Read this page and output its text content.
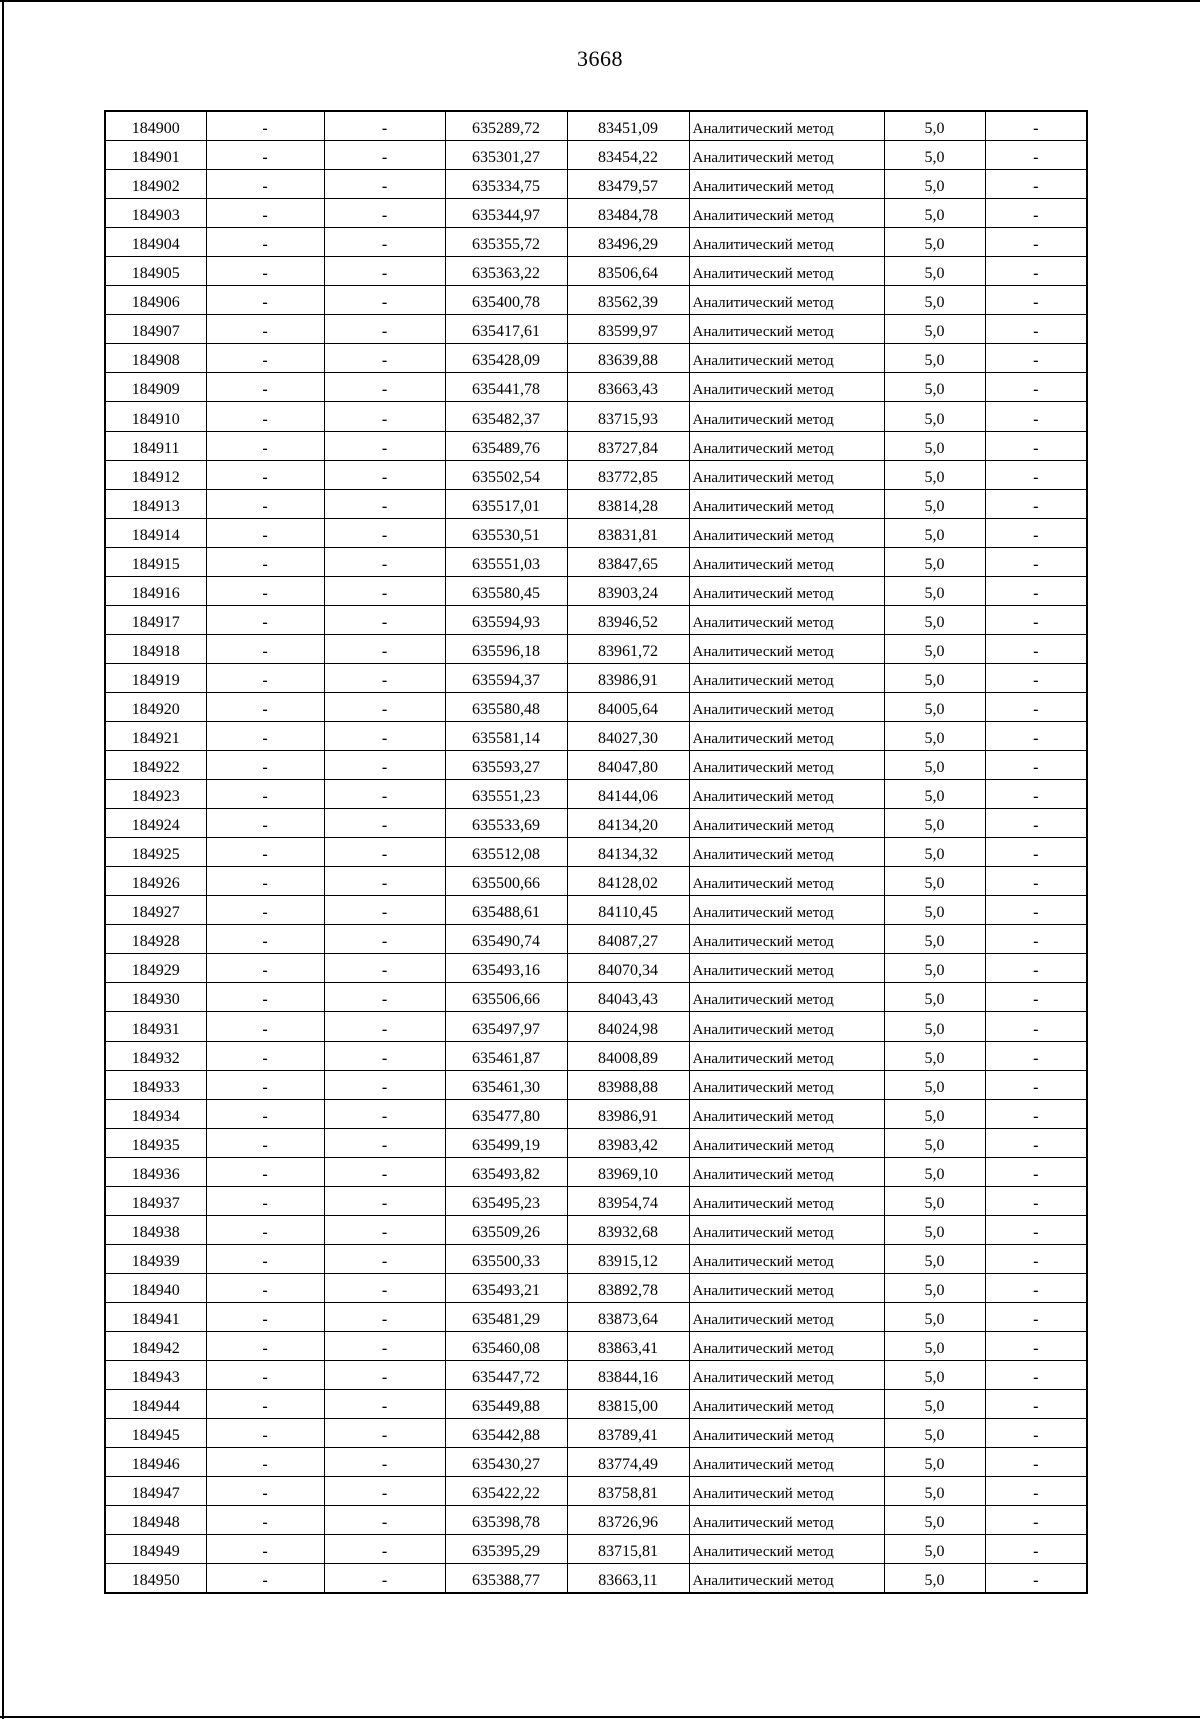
3668
184900	-	-	635289,72	83451,09	Аналитический метод	5,0	-
184901	-	-	635301,27	83454,22	Аналитический метод	5,0	-
184902	-	-	635334,75	83479,57	Аналитический метод	5,0	-
184903	-	-	635344,97	83484,78	Аналитический метод	5,0	-
184904	-	-	635355,72	83496,29	Аналитический метод	5,0	-
184905	-	-	635363,22	83506,64	Аналитический метод	5,0	-
184906	-	-	635400,78	83562,39	Аналитический метод	5,0	-
184907	-	-	635417,61	83599,97	Аналитический метод	5,0	-
184908	-	-	635428,09	83639,88	Аналитический метод	5,0	-
184909	-	-	635441,78	83663,43	Аналитический метод	5,0	-
184910	-	-	635482,37	83715,93	Аналитический метод	5,0	-
184911	-	-	635489,76	83727,84	Аналитический метод	5,0	-
184912	-	-	635502,54	83772,85	Аналитический метод	5,0	-
184913	-	-	635517,01	83814,28	Аналитический метод	5,0	-
184914	-	-	635530,51	83831,81	Аналитический метод	5,0	-
184915	-	-	635551,03	83847,65	Аналитический метод	5,0	-
184916	-	-	635580,45	83903,24	Аналитический метод	5,0	-
184917	-	-	635594,93	83946,52	Аналитический метод	5,0	-
184918	-	-	635596,18	83961,72	Аналитический метод	5,0	-
184919	-	-	635594,37	83986,91	Аналитический метод	5,0	-
184920	-	-	635580,48	84005,64	Аналитический метод	5,0	-
184921	-	-	635581,14	84027,30	Аналитический метод	5,0	-
184922	-	-	635593,27	84047,80	Аналитический метод	5,0	-
184923	-	-	635551,23	84144,06	Аналитический метод	5,0	-
184924	-	-	635533,69	84134,20	Аналитический метод	5,0	-
184925	-	-	635512,08	84134,32	Аналитический метод	5,0	-
184926	-	-	635500,66	84128,02	Аналитический метод	5,0	-
184927	-	-	635488,61	84110,45	Аналитический метод	5,0	-
184928	-	-	635490,74	84087,27	Аналитический метод	5,0	-
184929	-	-	635493,16	84070,34	Аналитический метод	5,0	-
184930	-	-	635506,66	84043,43	Аналитический метод	5,0	-
184931	-	-	635497,97	84024,98	Аналитический метод	5,0	-
184932	-	-	635461,87	84008,89	Аналитический метод	5,0	-
184933	-	-	635461,30	83988,88	Аналитический метод	5,0	-
184934	-	-	635477,80	83986,91	Аналитический метод	5,0	-
184935	-	-	635499,19	83983,42	Аналитический метод	5,0	-
184936	-	-	635493,82	83969,10	Аналитический метод	5,0	-
184937	-	-	635495,23	83954,74	Аналитический метод	5,0	-
184938	-	-	635509,26	83932,68	Аналитический метод	5,0	-
184939	-	-	635500,33	83915,12	Аналитический метод	5,0	-
184940	-	-	635493,21	83892,78	Аналитический метод	5,0	-
184941	-	-	635481,29	83873,64	Аналитический метод	5,0	-
184942	-	-	635460,08	83863,41	Аналитический метод	5,0	-
184943	-	-	635447,72	83844,16	Аналитический метод	5,0	-
184944	-	-	635449,88	83815,00	Аналитический метод	5,0	-
184945	-	-	635442,88	83789,41	Аналитический метод	5,0	-
184946	-	-	635430,27	83774,49	Аналитический метод	5,0	-
184947	-	-	635422,22	83758,81	Аналитический метод	5,0	-
184948	-	-	635398,78	83726,96	Аналитический метод	5,0	-
184949	-	-	635395,29	83715,81	Аналитический метод	5,0	-
184950	-	-	635388,77	83663,11	Аналитический метод	5,0	-
